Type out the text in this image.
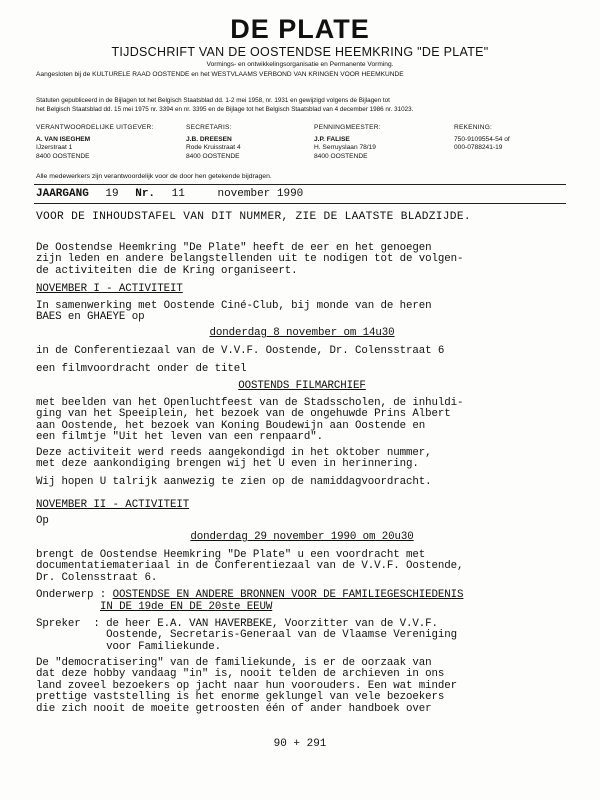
DE PLATE
TIJDSCHRIFT VAN DE OOSTENDSE HEEMKRING "DE PLATE"
Vormings- en ontwikkelingsorganisatie en Permanente Vorming.
Aangesloten bij de KULTURELE RAAD OOSTENDE en het WESTVLAAMS VERBOND VAN KRINGEN VOOR HEEMKUNDE
Statuten gepubliceerd in de Bijlagen tot het Belgisch Staatsblad dd. 1-2 mei 1958, nr. 1931 en gewijzigd volgens de Bijlagen tot
het Belgisch Staatsblad dd. 15 mei 1975 nr. 3394 en nr. 3395 en de Bijlage tot het Belgisch Staatsblad van 4 december 1986 nr. 31023.
VERANTWOORDELIJKE UITGEVER:
A. VAN ISEGHEM
IJzerstraat 1
8400 OOSTENDE
SECRETARIS:
J.B. DREESEN
Rode Kruisstraat 4
8400 OOSTENDE
PENNINGMEESTER:
J.P. FALISE
H. Serruyslaan 78/19
8400 OOSTENDE
REKENING:
750-9109554-54 of
000-0788241-19
Alle medewerkers zijn verantwoordelijk voor de door hen getekende bijdragen.
JAARGANG 19 Nr. 11	november 1990
VOOR DE INHOUDSTAFEL VAN DIT NUMMER, ZIE DE LAATSTE BLADZIJDE.
De Oostendse Heemkring "De Plate" heeft de eer en het genoegen
zijn leden en andere belangstellenden uit te nodigen tot de volgen-
de activiteiten die de Kring organiseert.
NOVEMBER I - ACTIVITEIT
In samenwerking met Oostende Ciné-Club, bij monde van de heren
BAES en GHAEYE op
donderdag 8 november om 14u30
in de Conferentiezaal van de V.V.F. Oostende, Dr. Colensstraat 6
een filmvoordracht onder de titel
OOSTENDS FILMARCHIEF
met beelden van het Openluchtfeest van de Stadsscholen, de inhuldi-
ging van het Speeiplein, het bezoek van de ongehuwde Prins Albert
aan Oostende, het bezoek van Koning Boudewijn aan Oostende en
een filmtje "Uit het leven van een renpaard".
Deze activiteit werd reeds aangekondigd in het oktober nummer,
met deze aankondiging brengen wij het U even in herinnering.
Wij hopen U talrijk aanwezig te zien op de namiddagvoordracht.
NOVEMBER II - ACTIVITEIT
Op
donderdag 29 november 1990 om 20u30
brengt de Oostendse Heemkring "De Plate" u een voordracht met
documentatiemateriaal in de Conferentiezaal van de V.V.F. Oostende,
Dr. Colensstraat 6.
Onderwerp : OOSTENDSE EN ANDERE BRONNEN VOOR DE FAMILIEGESCHIEDENIS
IN DE 19de EN DE 20ste EEUW
Spreker  : de heer E.A. VAN HAVERBEKE, Voorzitter van de V.V.F.
Oostende, Secretaris-Generaal van de Vlaamse Vereniging
voor Familiekunde.
De "democratisering" van de familiekunde, is er de oorzaak van
dat deze hobby vandaag "in" is, nooit telden de archieven in ons
land zoveel bezoekers op jacht naar hun voorouders. Een wat minder
prettige vaststelling is het enorme geklungel van vele bezoekers
die zich nooit de moeite getroosten één of ander handboek over
90 + 291
